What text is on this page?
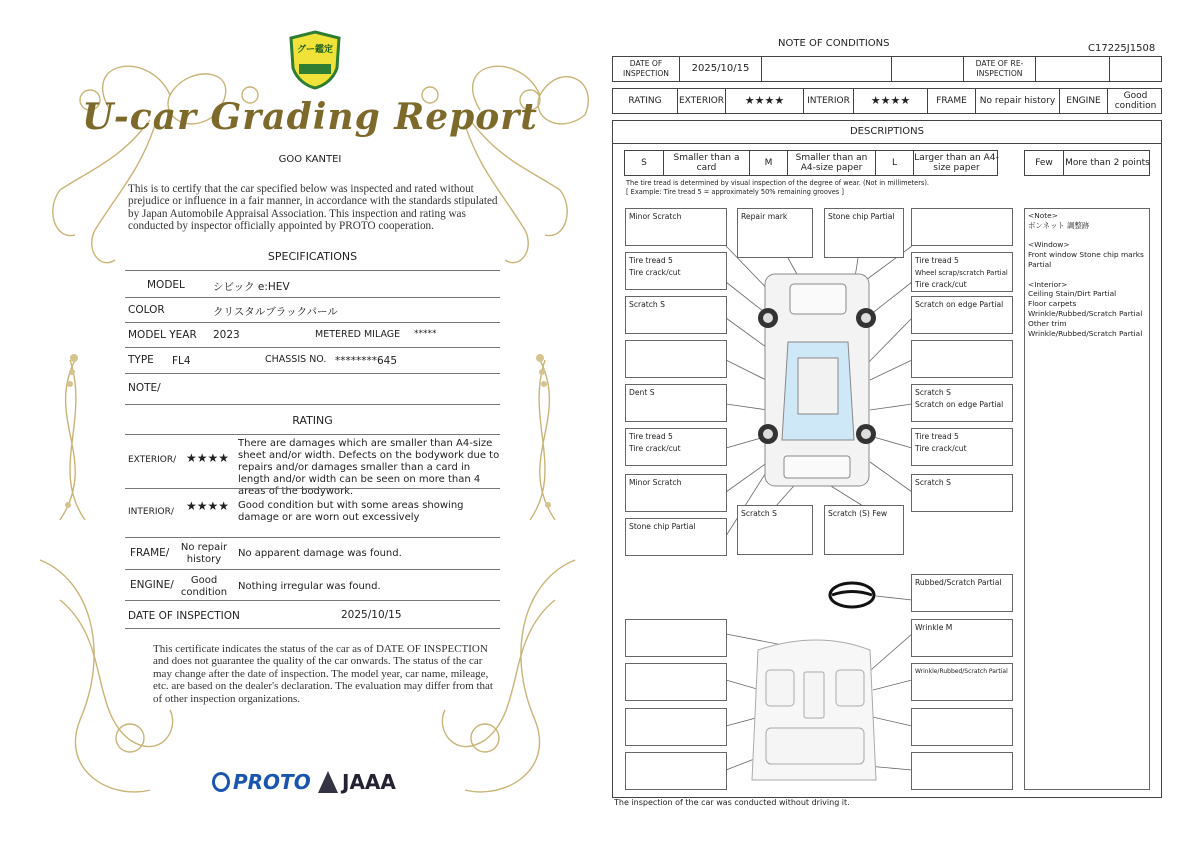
グー鑑定
U-car Grading Report
GOO KANTEI
This is to certify that the car specified below was inspected and rated without prejudice or influence in a fair manner, in accordance with the standards stipulated by Japan Automobile Appraisal Association. This inspection and rating was conducted by inspector officially appointed by PROTO cooperation.
SPECIFICATIONS
MODEL	シビック e:HEV
COLOR	クリスタルブラックパール
MODEL YEAR 2023	METERED MILAGE *****
TYPE FL4	CHASSIS NO. ********645
NOTE/
RATING
EXTERIOR/ ★★★★
There are damages which are smaller than A4-size sheet and/or width. Defects on the bodywork due to repairs and/or damages smaller than a card in length and/or width can be seen on more than 4 areas of the bodywork.
INTERIOR/ ★★★★ Good condition but with some areas showing damage or are worn out excessively
FRAME/	No repair history
No apparent damage was found.
ENGINE/	Good condition
Nothing irregular was found.
DATE OF INSPECTION	2025/10/15
This certificate indicates the status of the car as of DATE OF INSPECTION and does not guarantee the quality of the car onwards. The status of the car may change after the date of inspection. The model year, car name, mileage, etc. are based on the dealer's declaration. The evaluation may differ from that of other inspection organizations.
PROTO JAAA
NOTE OF CONDITIONS	C17225J1508
DATE OF INSPECTION	2025/10/15	DATE OF RE-INSPECTION
RATING	EXTERIOR	★★★★	INTERIOR	★★★★	FRAME	No repair history	ENGINE	Good condition
DESCRIPTIONS
S	Smaller than a card	M	Smaller than an A4-size paper	L	Larger than an A4-size paper	Few	More than 2 points
The tire tread is determined by visual inspection of the degree of wear. (Not in millimeters).
[ Example: Tire tread 5 = approximately 50% remaining grooves ]
Minor Scratch	Repair mark	Stone chip Partial
Tire tread 5
Tire crack/cut
Tire tread 5
Wheel scrap/scratch Partial
Tire crack/cut
Scratch S	Scratch on edge Partial
Dent S	Scratch S
Scratch on edge Partial
Tire tread 5
Tire crack/cut
Tire tread 5
Tire crack/cut
Minor Scratch	Scratch S
Stone chip Partial
Scratch S	Scratch (S) Few
Rubbed/Scratch Partial
Wrinkle M
Wrinkle/Rubbed/Scratch Partial
<Note>
ボンネット 調整跡

<Window>
Front window Stone chip marks Partial

<Interior>
Ceiling Stain/Dirt Partial
Floor carpets
Wrinkle/Rubbed/Scratch Partial
Other trim
Wrinkle/Rubbed/Scratch Partial
The inspection of the car was conducted without driving it.
